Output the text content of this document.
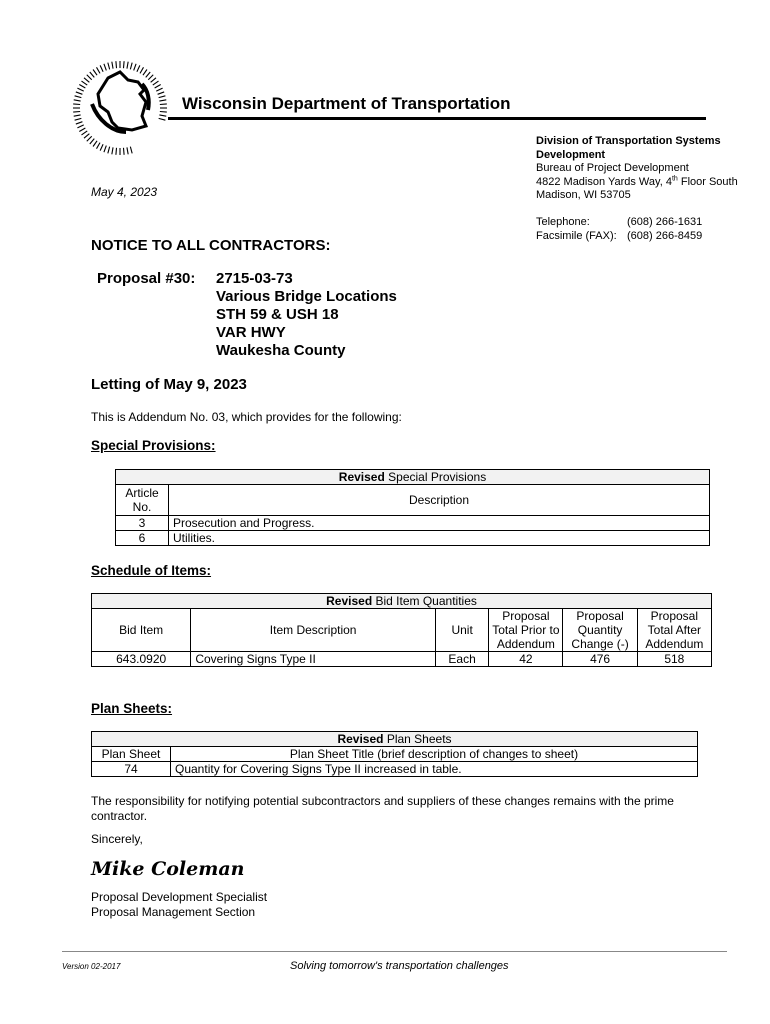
Wisconsin Department of Transportation
Division of Transportation Systems
Development
Bureau of Project Development
4822 Madison Yards Way, 4th Floor South
Madison, WI 53705
Telephone:	(608) 266-1631
Facsimile (FAX):	(608) 266-8459
May 4, 2023
NOTICE TO ALL CONTRACTORS:
Proposal #30: 2715-03-73
Various Bridge Locations
STH 59 & USH 18
VAR HWY
Waukesha County
Letting of May 9, 2023
This is Addendum No. 03, which provides for the following:
Special Provisions:
Revised Special Provisions	
Article No.	Description
3	Prosecution and Progress.
6	Utilities.
Schedule of Items:
Revised Bid Item Quantities					
Bid Item	Item Description	Unit	Proposal Total Prior to Addendum	Proposal Quantity Change (-)	Proposal Total After Addendum
643.0920	Covering Signs Type II	Each	42	476	518
Plan Sheets:
Revised Plan Sheets	
Plan Sheet	Plan Sheet Title (brief description of changes to sheet)
74	Quantity for Covering Signs Type II increased in table.
The responsibility for notifying potential subcontractors and suppliers of these changes remains with the prime contractor.
Sincerely,
Mike Coleman
Proposal Development Specialist
Proposal Management Section
Version 02-2017	Solving tomorrow's transportation challenges
